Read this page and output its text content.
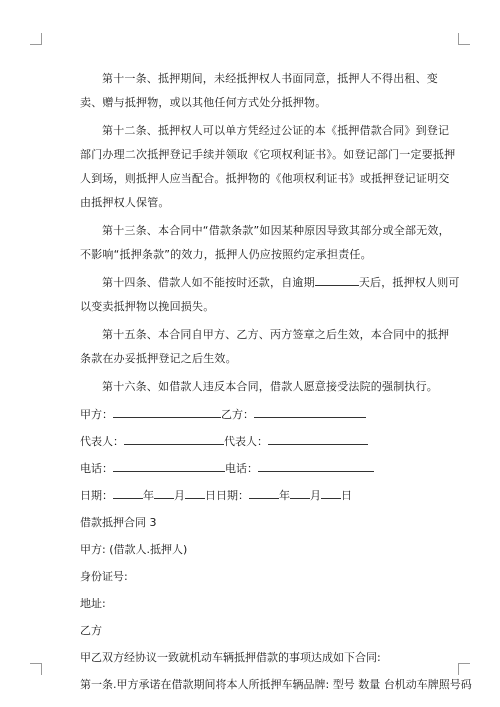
第十一条、抵押期间，未经抵押权人书面同意，抵押人不得出租、变卖、赠与抵押物，或以其他任何方式处分抵押物。

第十二条、抵押权人可以单方凭经过公证的本《抵押借款合同》到登记部门办理二次抵押登记手续并领取《它项权利证书》。如登记部门一定要抵押人到场，则抵押人应当配合。抵押物的《他项权利证书》或抵押登记证明交由抵押权人保管。

第十三条、本合同中“借款条款”如因某种原因导致其部分或全部无效，不影响“抵押条款”的效力，抵押人仍应按照约定承担责任。

第十四条、借款人如不能按时还款，自逾期	天后，抵押权人则可以变卖抵押物以挽回损失。

第十五条、本合同自甲方、乙方、丙方签章之后生效，本合同中的抵押条款在办妥抵押登记之后生效。

第十六条、如借款人违反本合同，借款人愿意接受法院的强制执行。

甲方：	乙方：
代表人：	代表人：
电话：	电话：
日期：	年 月 日日期：	年 月 日
借款抵押合同 3
甲方: (借款人.抵押人)
身份证号:
地址:
乙方
甲乙双方经协议一致就机动车辆抵押借款的事项达成如下合同:
第一条.甲方承诺在借款期间将本人所抵押车辆品牌: 型号 数量 台机动车牌照号码
